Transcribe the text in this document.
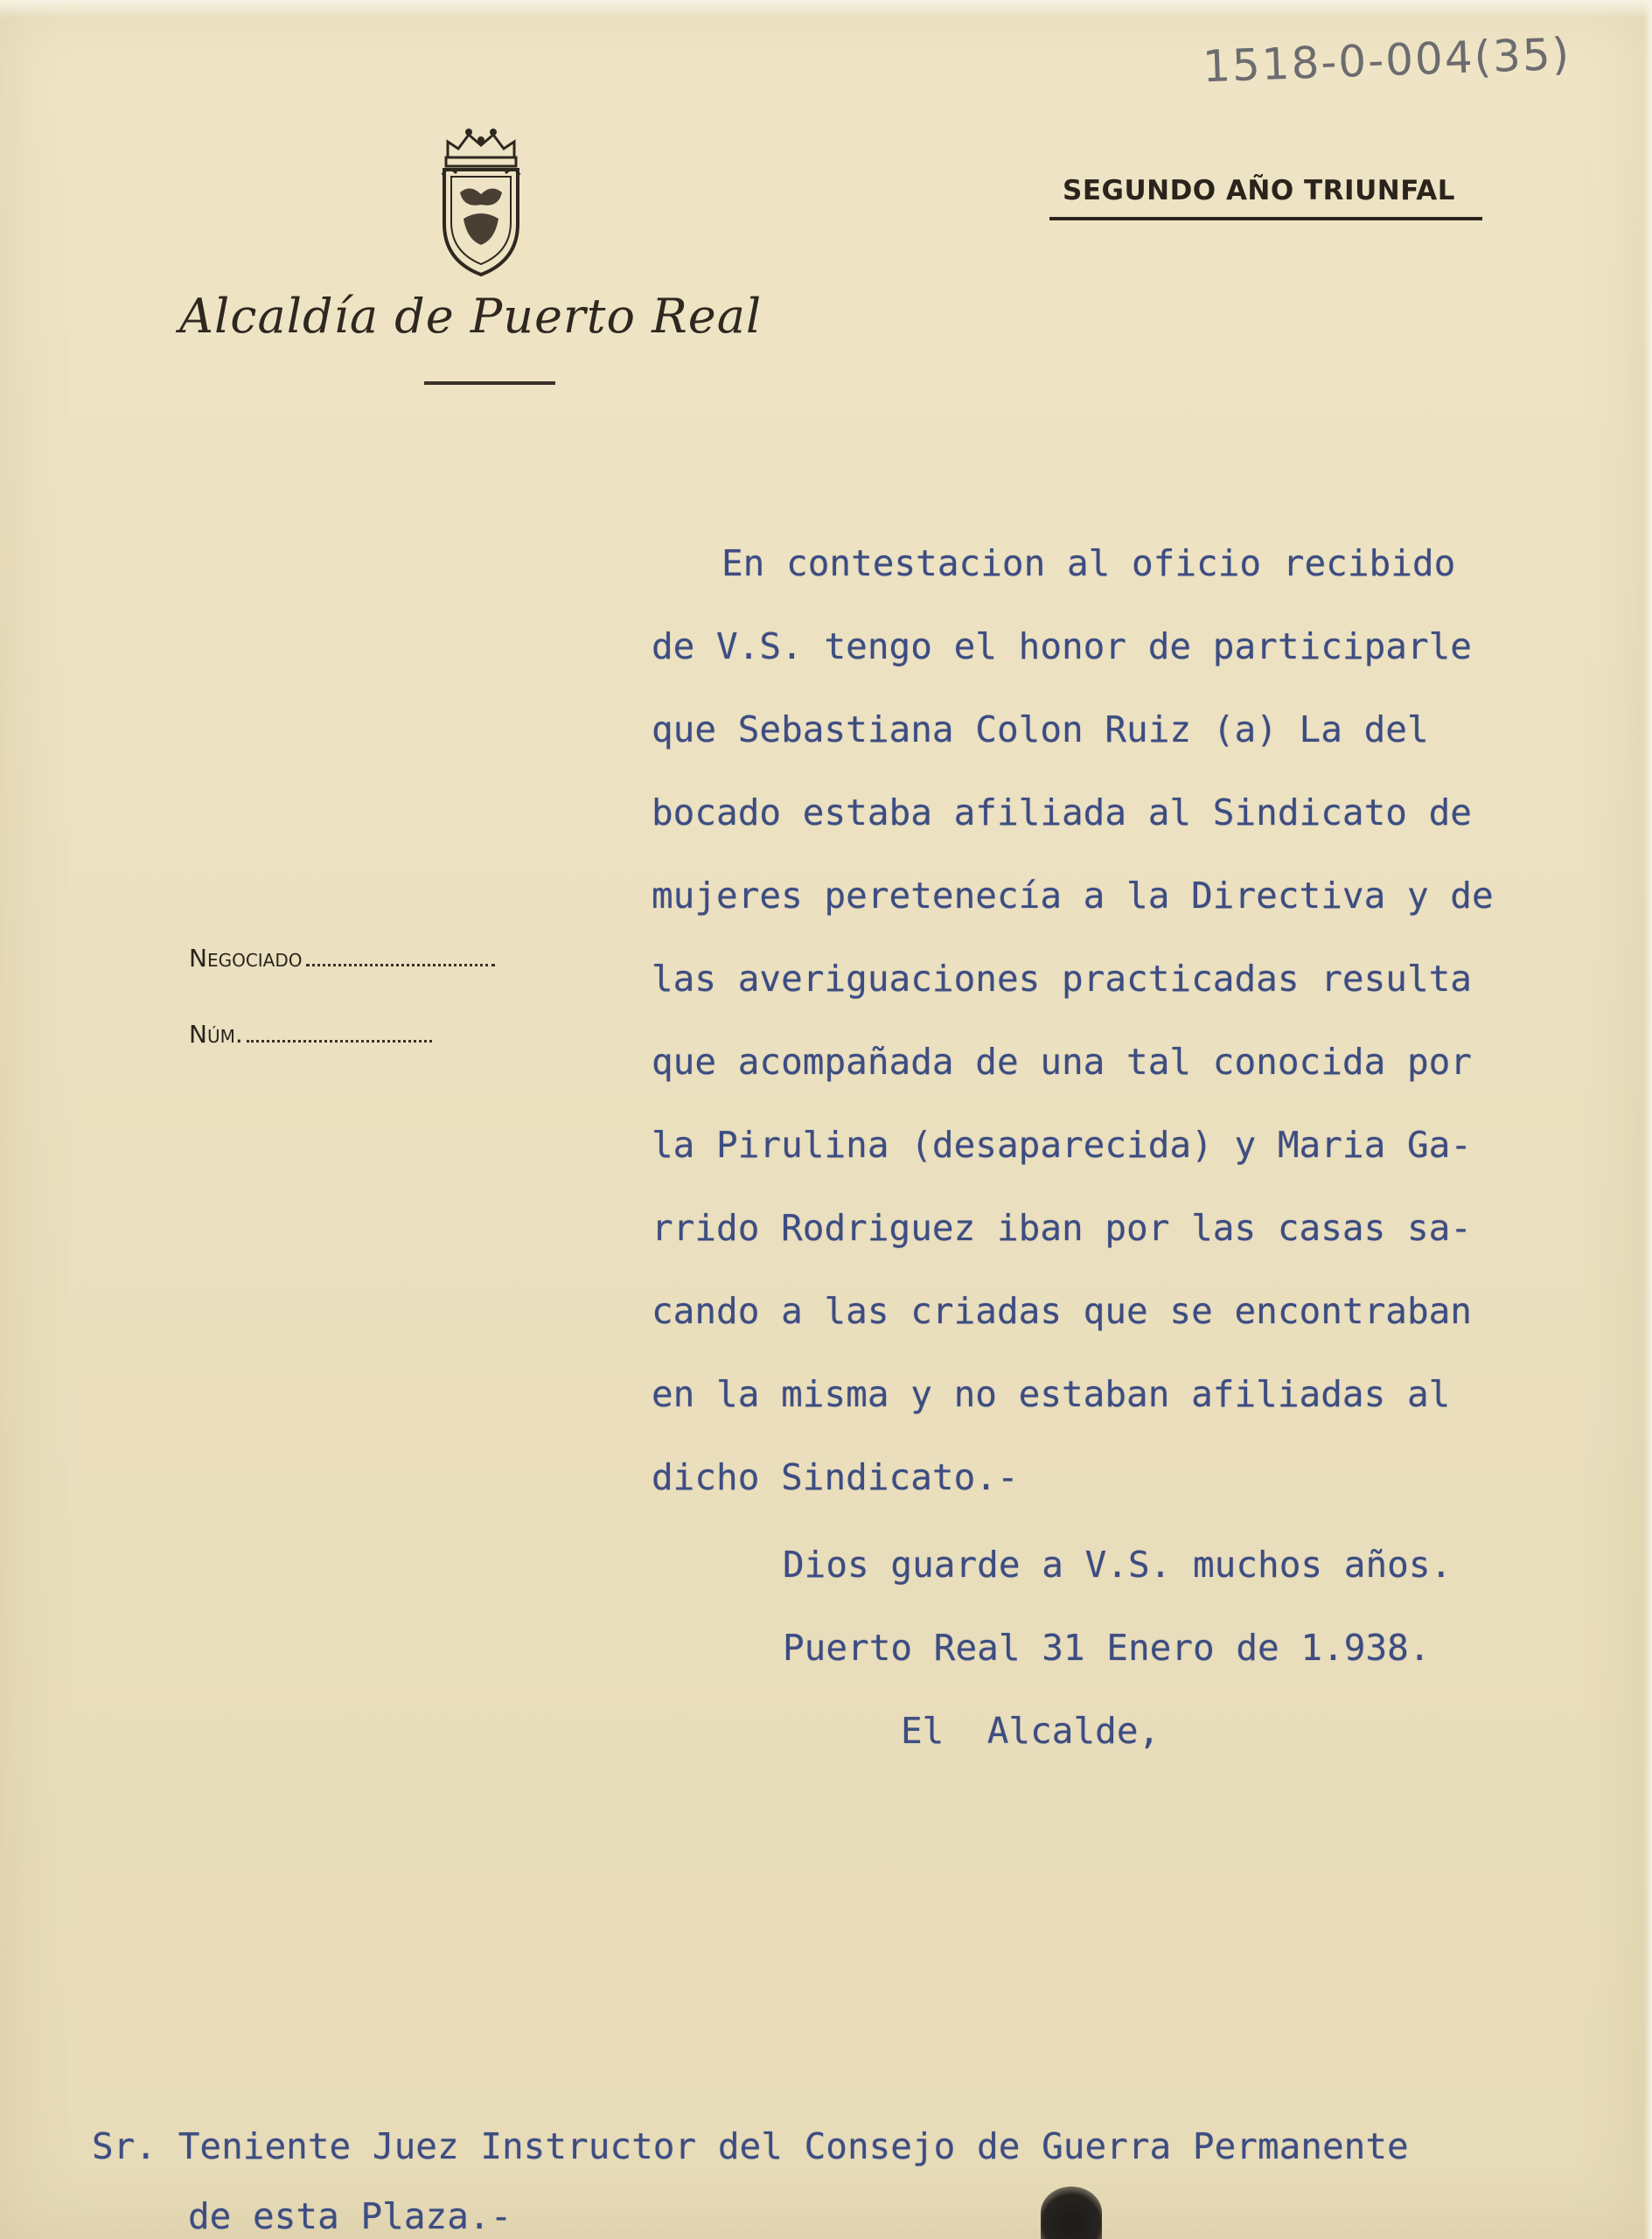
1518-0-004(35)
Alcaldía de Puerto Real
SEGUNDO AÑO TRIUNFAL
Negociado
Núm.
En contestacion al oficio recibido
de V.S. tengo el honor de participarle
que Sebastiana Colon Ruiz (a) La del
bocado estaba afiliada al Sindicato de
mujeres peretenecía a la Directiva y de
las averiguaciones practicadas resulta
que acompañada de una tal conocida por
la Pirulina (desaparecida) y Maria Ga-
rrido Rodriguez iban por las casas sa-
cando a las criadas que se encontraban
en la misma y no estaban afiliadas al
dicho Sindicato.-
Dios guarde a V.S. muchos años.
Puerto Real 31 Enero de 1.938.
El  Alcalde,
Sr. Teniente Juez Instructor del Consejo de Guerra Permanente
de esta Plaza.-
